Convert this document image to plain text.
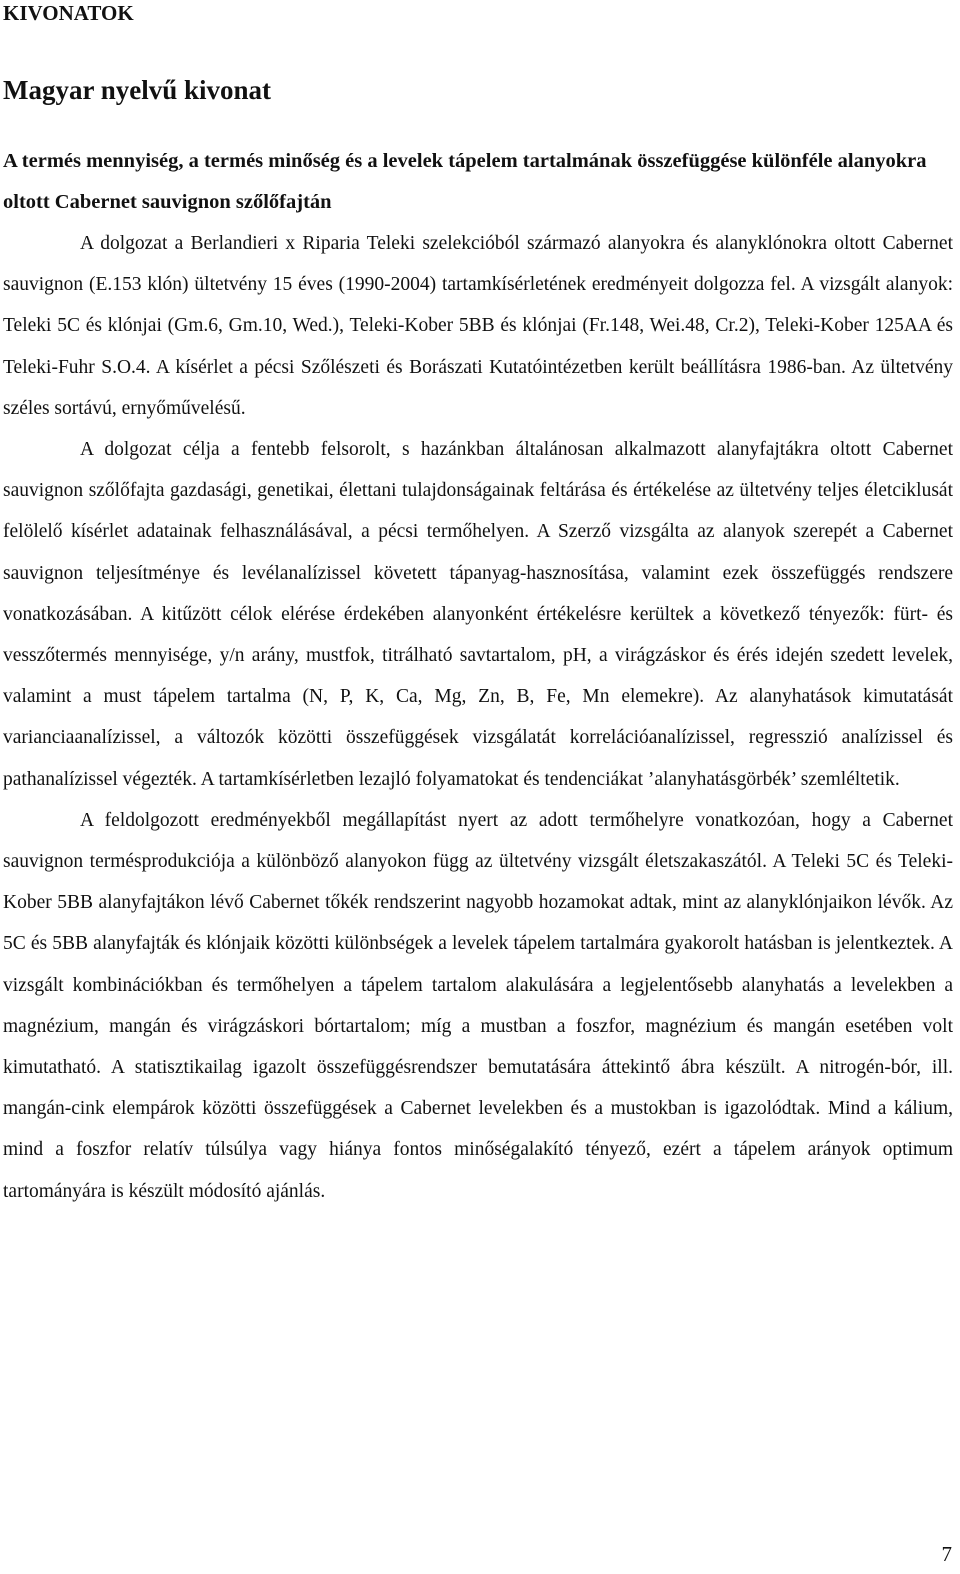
KIVONATOK
Magyar nyelvű kivonat
A termés mennyiség, a termés minőség és a levelek tápelem tartalmának összefüggése különféle alanyokra oltott Cabernet sauvignon szőlőfajtán

A dolgozat a Berlandieri x Riparia Teleki szelekcióból származó alanyokra és alanyklónokra oltott Cabernet sauvignon (E.153 klón) ültetvény 15 éves (1990-2004) tartamkísérletének eredményeit dolgozza fel. A vizsgált alanyok: Teleki 5C és klónjai (Gm.6, Gm.10, Wed.), Teleki-Kober 5BB és klónjai (Fr.148, Wei.48, Cr.2), Teleki-Kober 125AA és Teleki-Fuhr S.O.4. A kísérlet a pécsi Szőlészeti és Borászati Kutatóintézetben került beállításra 1986-ban. Az ültetvény széles sortávú, ernyőművelésű.

A dolgozat célja a fentebb felsorolt, s hazánkban általánosan alkalmazott alanyfajtákra oltott Cabernet sauvignon szőlőfajta gazdasági, genetikai, élettani tulajdonságainak feltárása és értékelése az ültetvény teljes életciklusát felölelő kísérlet adatainak felhasználásával, a pécsi termőhelyen. A Szerző vizsgálta az alanyok szerepét a Cabernet sauvignon teljesítménye és levélanalízissel követett tápanyag-hasznosítása, valamint ezek összefüggés rendszere vonatkozásában. A kitűzött célok elérése érdekében alanyonként értékelésre kerültek a következő tényezők: fürt- és vesszőtermés mennyisége, y/n arány, mustfok, titrálható savtartalom, pH, a virágzáskor és érés idején szedett levelek, valamint a must tápelem tartalma (N, P, K, Ca, Mg, Zn, B, Fe, Mn elemekre). Az alanyhatások kimutatását varianciaanalízissel, a változók közötti összefüggések vizsgálatát korrelációanalízissel, regresszió analízissel és pathanalízissel végezték. A tartamkísérletben lezajló folyamatokat és tendenciákat ’alanyhatásgörbék’ szemléltetik.

A feldolgozott eredményekből megállapítást nyert az adott termőhelyre vonatkozóan, hogy a Cabernet sauvignon termésprodukciója a különböző alanyokon függ az ültetvény vizsgált életszakaszától. A Teleki 5C és Teleki-Kober 5BB alanyfajtákon lévő Cabernet tőkék rendszerint nagyobb hozamokat adtak, mint az alanyklónjaikon lévők. Az 5C és 5BB alanyfajták és klónjaik közötti különbségek a levelek tápelem tartalmára gyakorolt hatásban is jelentkeztek. A vizsgált kombinációkban és termőhelyen a tápelem tartalom alakulására a legjelentősebb alanyhatás a levelekben a magnézium, mangán és virágzáskori bórtartalom; míg a mustban a foszfor, magnézium és mangán esetében volt kimutatható. A statisztikailag igazolt összefüggésrendszer bemutatására áttekintő ábra készült. A nitrogén-bór, ill. mangán-cink elempárok közötti összefüggések a Cabernet levelekben és a mustokban is igazolódtak. Mind a kálium, mind a foszfor relatív túlsúlya vagy hiánya fontos minőségalakító tényező, ezért a tápelem arányok optimum tartományára is készült módosító ajánlás.

7
